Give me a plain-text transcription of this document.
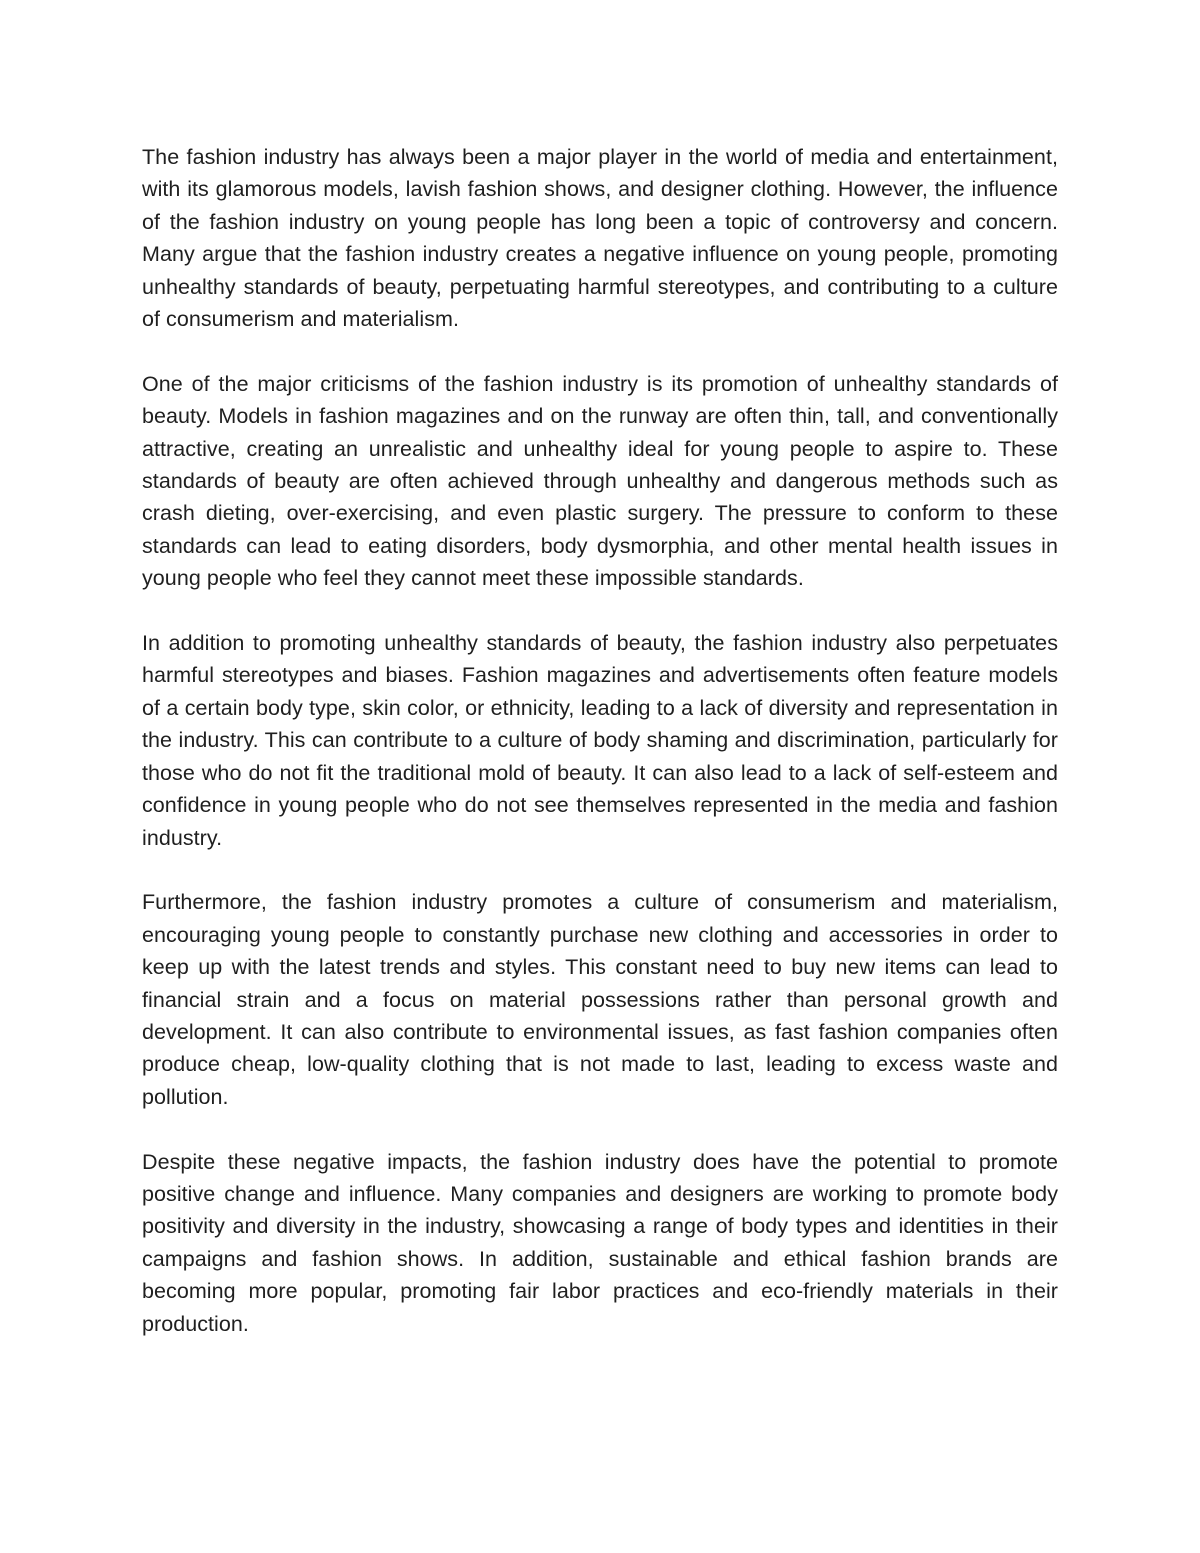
The fashion industry has always been a major player in the world of media and entertainment, with its glamorous models, lavish fashion shows, and designer clothing. However, the influence of the fashion industry on young people has long been a topic of controversy and concern. Many argue that the fashion industry creates a negative influence on young people, promoting unhealthy standards of beauty, perpetuating harmful stereotypes, and contributing to a culture of consumerism and materialism.

One of the major criticisms of the fashion industry is its promotion of unhealthy standards of beauty. Models in fashion magazines and on the runway are often thin, tall, and conventionally attractive, creating an unrealistic and unhealthy ideal for young people to aspire to. These standards of beauty are often achieved through unhealthy and dangerous methods such as crash dieting, over-exercising, and even plastic surgery. The pressure to conform to these standards can lead to eating disorders, body dysmorphia, and other mental health issues in young people who feel they cannot meet these impossible standards.

In addition to promoting unhealthy standards of beauty, the fashion industry also perpetuates harmful stereotypes and biases. Fashion magazines and advertisements often feature models of a certain body type, skin color, or ethnicity, leading to a lack of diversity and representation in the industry. This can contribute to a culture of body shaming and discrimination, particularly for those who do not fit the traditional mold of beauty. It can also lead to a lack of self-esteem and confidence in young people who do not see themselves represented in the media and fashion industry.

Furthermore, the fashion industry promotes a culture of consumerism and materialism, encouraging young people to constantly purchase new clothing and accessories in order to keep up with the latest trends and styles. This constant need to buy new items can lead to financial strain and a focus on material possessions rather than personal growth and development. It can also contribute to environmental issues, as fast fashion companies often produce cheap, low-quality clothing that is not made to last, leading to excess waste and pollution.

Despite these negative impacts, the fashion industry does have the potential to promote positive change and influence. Many companies and designers are working to promote body positivity and diversity in the industry, showcasing a range of body types and identities in their campaigns and fashion shows. In addition, sustainable and ethical fashion brands are becoming more popular, promoting fair labor practices and eco-friendly materials in their production.
